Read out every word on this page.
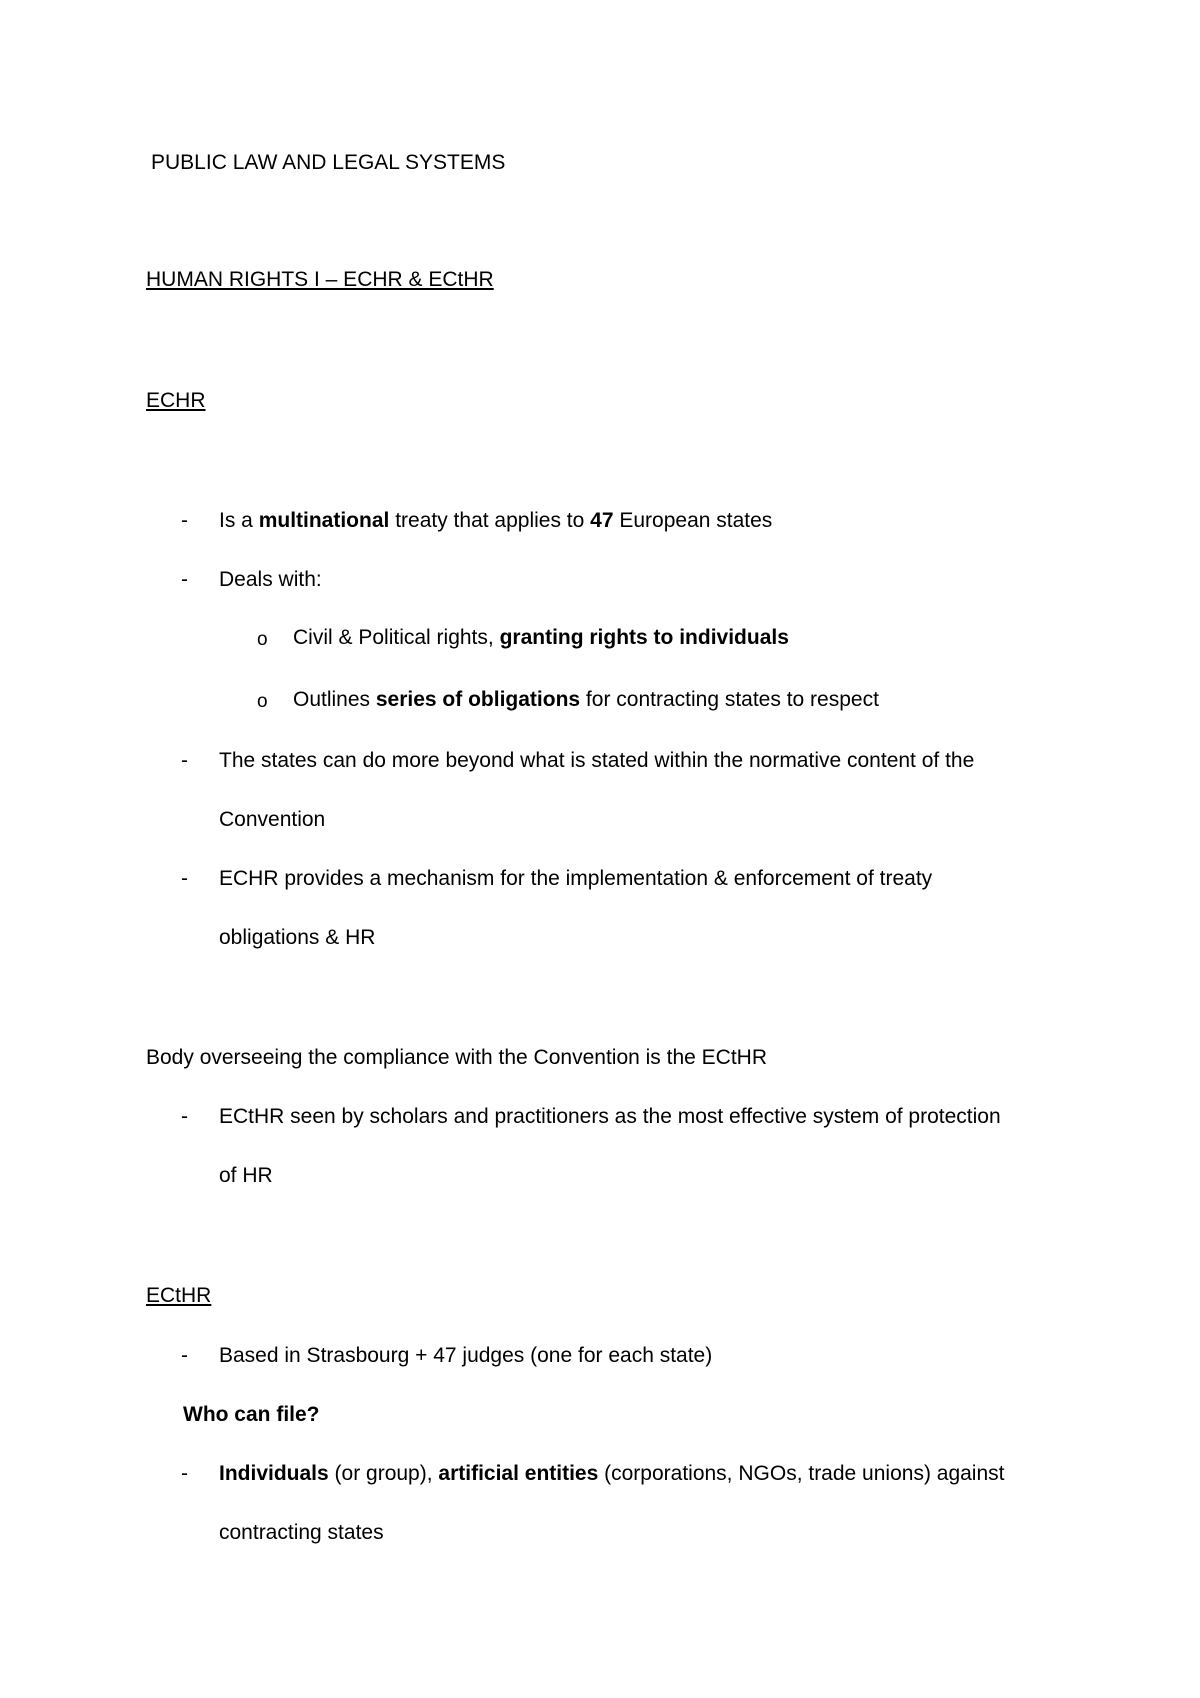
PUBLIC LAW AND LEGAL SYSTEMS
HUMAN RIGHTS I – ECHR & ECtHR
ECHR
- Is a multinational treaty that applies to 47 European states
- Deals with:
o Civil & Political rights, granting rights to individuals
o Outlines series of obligations for contracting states to respect
- The states can do more beyond what is stated within the normative content of the
Convention
- ECHR provides a mechanism for the implementation & enforcement of treaty
obligations & HR
Body overseeing the compliance with the Convention is the ECtHR
- ECtHR seen by scholars and practitioners as the most effective system of protection
of HR
ECtHR
- Based in Strasbourg + 47 judges (one for each state)
Who can file?
- Individuals (or group), artificial entities (corporations, NGOs, trade unions) against
contracting states
